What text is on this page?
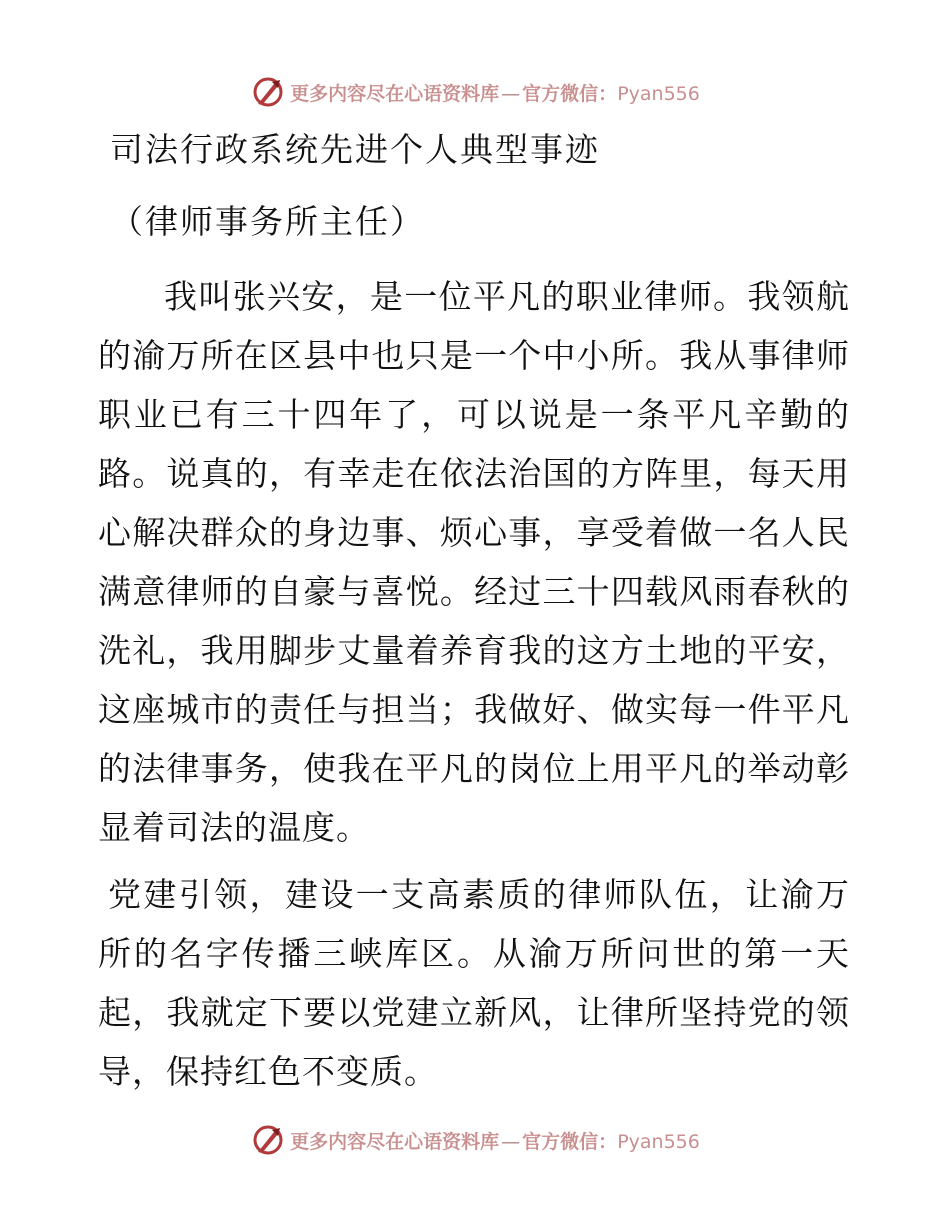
更多内容尽在心语资料库 — 官方微信：Pyan556
司法行政系统先进个人典型事迹
（律师事务所主任）

我叫张兴安，是一位平凡的职业律师。我领航的渝万所在区县中也只是一个中小所。我从事律师职业已有三十四年了，可以说是一条平凡辛勤的路。说真的，有幸走在依法治国的方阵里，每天用心解决群众的身边事、烦心事，享受着做一名人民满意律师的自豪与喜悦。经过三十四载风雨春秋的洗礼，我用脚步丈量着养育我的这方土地的平安，这座城市的责任与担当；我做好、做实每一件平凡的法律事务，使我在平凡的岗位上用平凡的举动彰显着司法的温度。

党建引领，建设一支高素质的律师队伍，让渝万所的名字传播三峡库区。从渝万所问世的第一天起，我就定下要以党建立新风，让律所坚持党的领导，保持红色不变质。

更多内容尽在心语资料库 — 官方微信：Pyan556
